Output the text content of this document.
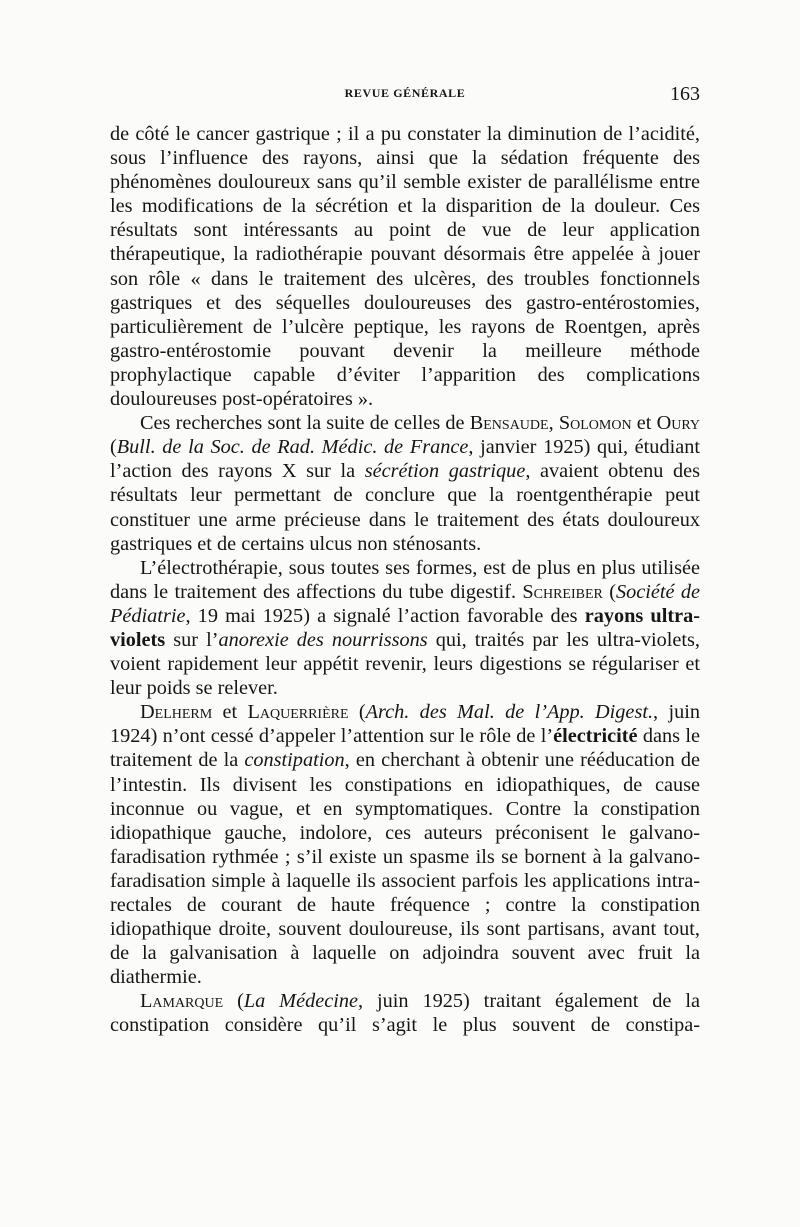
REVUE GÉNÉRALE	163

de côté le cancer gastrique ; il a pu constater la diminution de l’acidité, sous l’influence des rayons, ainsi que la sédation fréquente des phénomènes douloureux sans qu’il semble exister de parallélisme entre les modifications de la sécrétion et la disparition de la douleur. Ces résultats sont intéressants au point de vue de leur application thérapeutique, la radiothérapie pouvant désormais être appelée à jouer son rôle « dans le traitement des ulcères, des troubles fonctionnels gastriques et des séquelles douloureuses des gastro-entérostomies, particulièrement de l’ulcère peptique, les rayons de Roentgen, après gastro-entérostomie pouvant devenir la meilleure méthode prophylactique capable d’éviter l’apparition des complications douloureuses post-opératoires ».

Ces recherches sont la suite de celles de Bensaude, Solomon et Oury (Bull. de la Soc. de Rad. Médic. de France, janvier 1925) qui, étudiant l’action des rayons X sur la sécrétion gastrique, avaient obtenu des résultats leur permettant de conclure que la roentgenthérapie peut constituer une arme précieuse dans le traitement des états douloureux gastriques et de certains ulcus non sténosants.

L’électrothérapie, sous toutes ses formes, est de plus en plus utilisée dans le traitement des affections du tube digestif. Schreiber (Société de Pédiatrie, 19 mai 1925) a signalé l’action favorable des rayons ultra-violets sur l’anorexie des nourrissons qui, traités par les ultra-violets, voient rapidement leur appétit revenir, leurs digestions se régulariser et leur poids se relever.

Delherm et Laquerrière (Arch. des Mal. de l’App. Digest., juin 1924) n’ont cessé d’appeler l’attention sur le rôle de l’électricité dans le traitement de la constipation, en cherchant à obtenir une rééducation de l’intestin. Ils divisent les constipations en idiopathiques, de cause inconnue ou vague, et en symptomatiques. Contre la constipation idiopathique gauche, indolore, ces auteurs préconisent le galvano-faradisation rythmée ; s’il existe un spasme ils se bornent à la galvano-faradisation simple à laquelle ils associent parfois les applications intra-rectales de courant de haute fréquence ; contre la constipation idiopathique droite, souvent douloureuse, ils sont partisans, avant tout, de la galvanisation à laquelle on adjoindra souvent avec fruit la diathermie.

Lamarque (La Médecine, juin 1925) traitant également de la constipation considère qu’il s’agit le plus souvent de constipa-
